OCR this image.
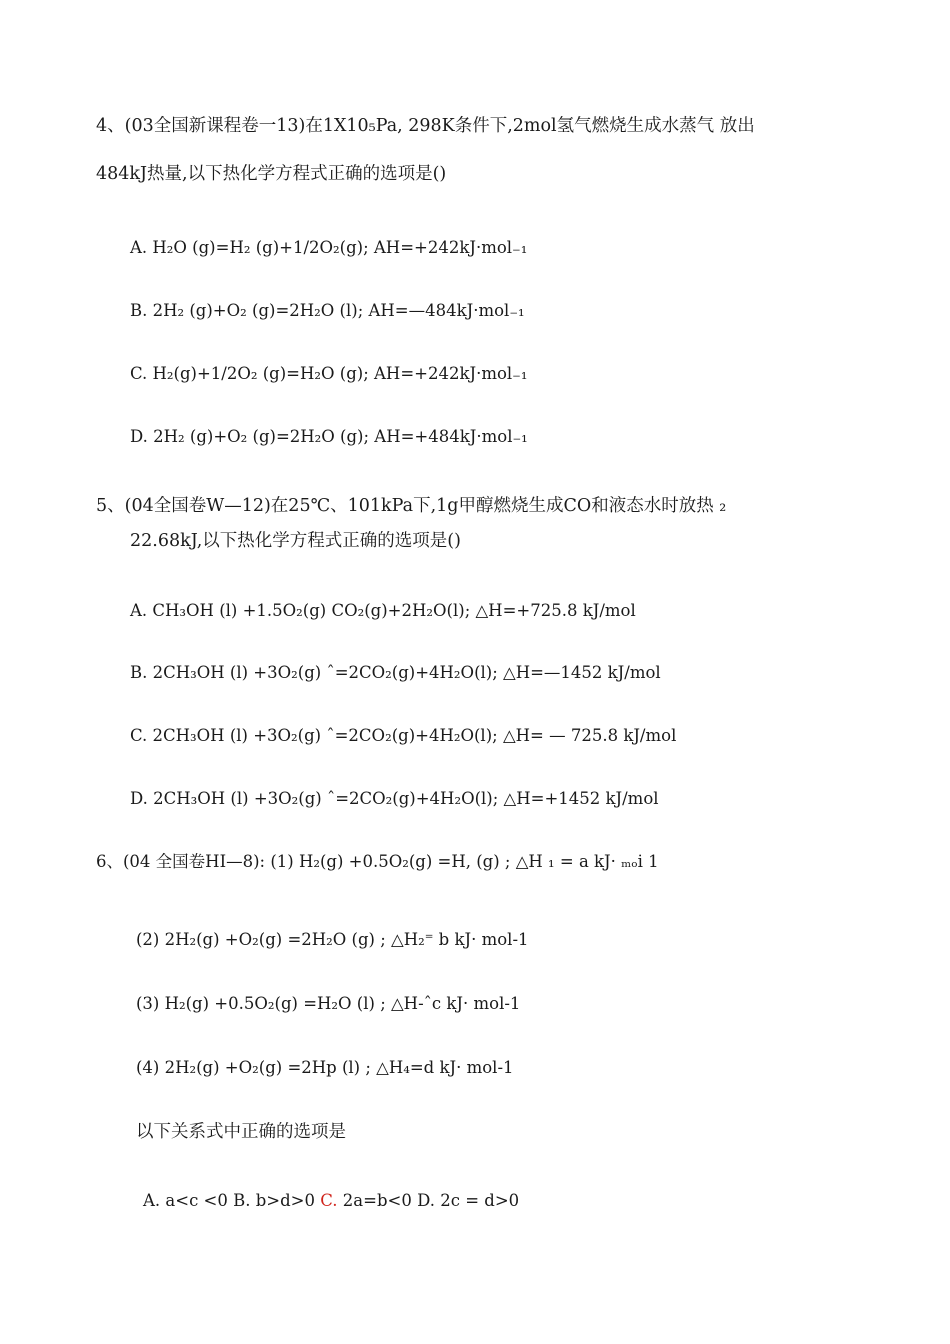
4、(03全国新课程卷一13)在1X10₅Pa, 298K条件下,2mol氢气燃烧生成水蒸气 放出
484kJ热量,以下热化学方程式正确的选项是()
A. H₂O (g)=H₂ (g)+1/2O₂(g); AH=+242kJ·mol₋₁
B. 2H₂ (g)+O₂ (g)=2H₂O (l); AH=—484kJ·mol₋₁
C. H₂(g)+1/2O₂ (g)=H₂O (g); AH=+242kJ·mol₋₁
D. 2H₂ (g)+O₂ (g)=2H₂O (g); AH=+484kJ·mol₋₁
5、(04全国卷W—12)在25℃、101kPa下,1g甲醇燃烧生成CO和液态水时放热 ₂
22.68kJ,以下热化学方程式正确的选项是()
A. CH₃OH (l) +1.5O₂(g) CO₂(g)+2H₂O(l); △H=+725.8 kJ/mol
B. 2CH₃OH (l) +3O₂(g) ˆ=2CO₂(g)+4H₂O(l); △H=—1452 kJ/mol
C. 2CH₃OH (l) +3O₂(g) ˆ=2CO₂(g)+4H₂O(l); △H= — 725.8 kJ/mol
D. 2CH₃OH (l) +3O₂(g) ˆ=2CO₂(g)+4H₂O(l); △H=+1452 kJ/mol
6、(04 全国卷HI—8): (1) H₂(g) +0.5O₂(g) =H, (g) ; △H ₁ = a kJ· ₘₒi 1
(2) 2H₂(g) +O₂(g) =2H₂O (g) ; △H₂⁼ b kJ· mol-1
(3) H₂(g) +0.5O₂(g) =H₂O (l) ; △H-ˆc kJ· mol-1
(4) 2H₂(g) +O₂(g) =2Hp (l) ; △H₄=d kJ· mol-1
以下关系式中正确的选项是
A. a<c <0 B. b>d>0 C. 2a=b<0 D. 2c = d>0
